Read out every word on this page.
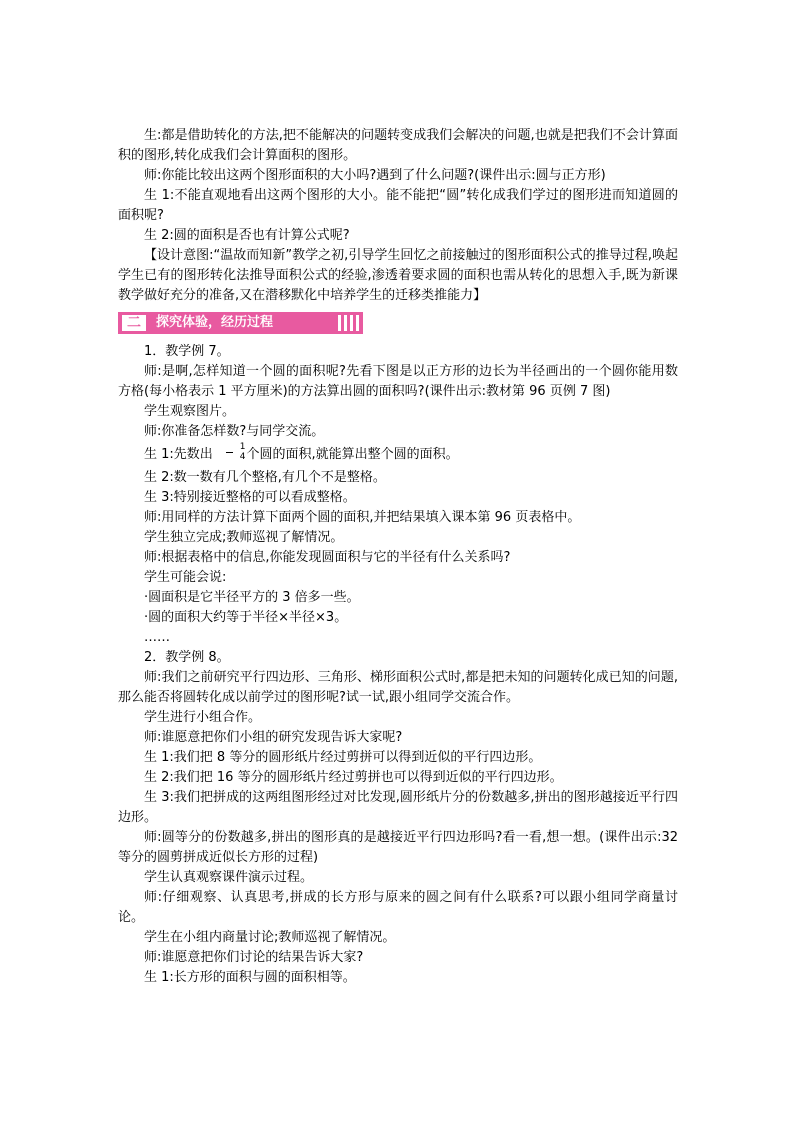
生:都是借助转化的方法,把不能解决的问题转变成我们会解决的问题,也就是把我们不会计算面积的图形,转化成我们会计算面积的图形。

师:你能比较出这两个图形面积的大小吗?遇到了什么问题?(课件出示:圆与正方形)

生 1:不能直观地看出这两个图形的大小。能不能把“圆”转化成我们学过的图形进而知道圆的面积呢?

生 2:圆的面积是否也有计算公式呢?

【设计意图:“温故而知新”教学之初,引导学生回忆之前接触过的图形面积公式的推导过程,唤起学生已有的图形转化法推导面积公式的经验,渗透着要求圆的面积也需从转化的思想入手,既为新课教学做好充分的准备,又在潜移默化中培养学生的迁移类推能力】

二	探究体验，经历过程

1．教学例 7。

师:是啊,怎样知道一个圆的面积呢?先看下图是以正方形的边长为半径画出的一个圆你能用数方格(每小格表示 1 平方厘米)的方法算出圆的面积吗?(课件出示:教材第 96 页例 7 图)

学生观察图片。

师:你准备怎样数?与同学交流。

生 1:先数出 $\frac{1}{4}$ 个圆的面积,就能算出整个圆的面积。

生 2:数一数有几个整格,有几个不是整格。

生 3:特别接近整格的可以看成整格。

师:用同样的方法计算下面两个圆的面积,并把结果填入课本第 96 页表格中。

学生独立完成;教师巡视了解情况。

师:根据表格中的信息,你能发现圆面积与它的半径有什么关系吗?

学生可能会说:

·圆面积是它半径平方的 3 倍多一些。

·圆的面积大约等于半径×半径×3。

……

2．教学例 8。

师:我们之前研究平行四边形、三角形、梯形面积公式时,都是把未知的问题转化成已知的问题,那么能否将圆转化成以前学过的图形呢?试一试,跟小组同学交流合作。

学生进行小组合作。

师:谁愿意把你们小组的研究发现告诉大家呢?

生 1:我们把 8 等分的圆形纸片经过剪拼可以得到近似的平行四边形。

生 2:我们把 16 等分的圆形纸片经过剪拼也可以得到近似的平行四边形。

生 3:我们把拼成的这两组图形经过对比发现,圆形纸片分的份数越多,拼出的图形越接近平行四边形。

师:圆等分的份数越多,拼出的图形真的是越接近平行四边形吗?看一看,想一想。(课件出示:32 等分的圆剪拼成近似长方形的过程)

学生认真观察课件演示过程。

师:仔细观察、认真思考,拼成的长方形与原来的圆之间有什么联系?可以跟小组同学商量讨论。

学生在小组内商量讨论;教师巡视了解情况。

师:谁愿意把你们讨论的结果告诉大家?

生 1:长方形的面积与圆的面积相等。
